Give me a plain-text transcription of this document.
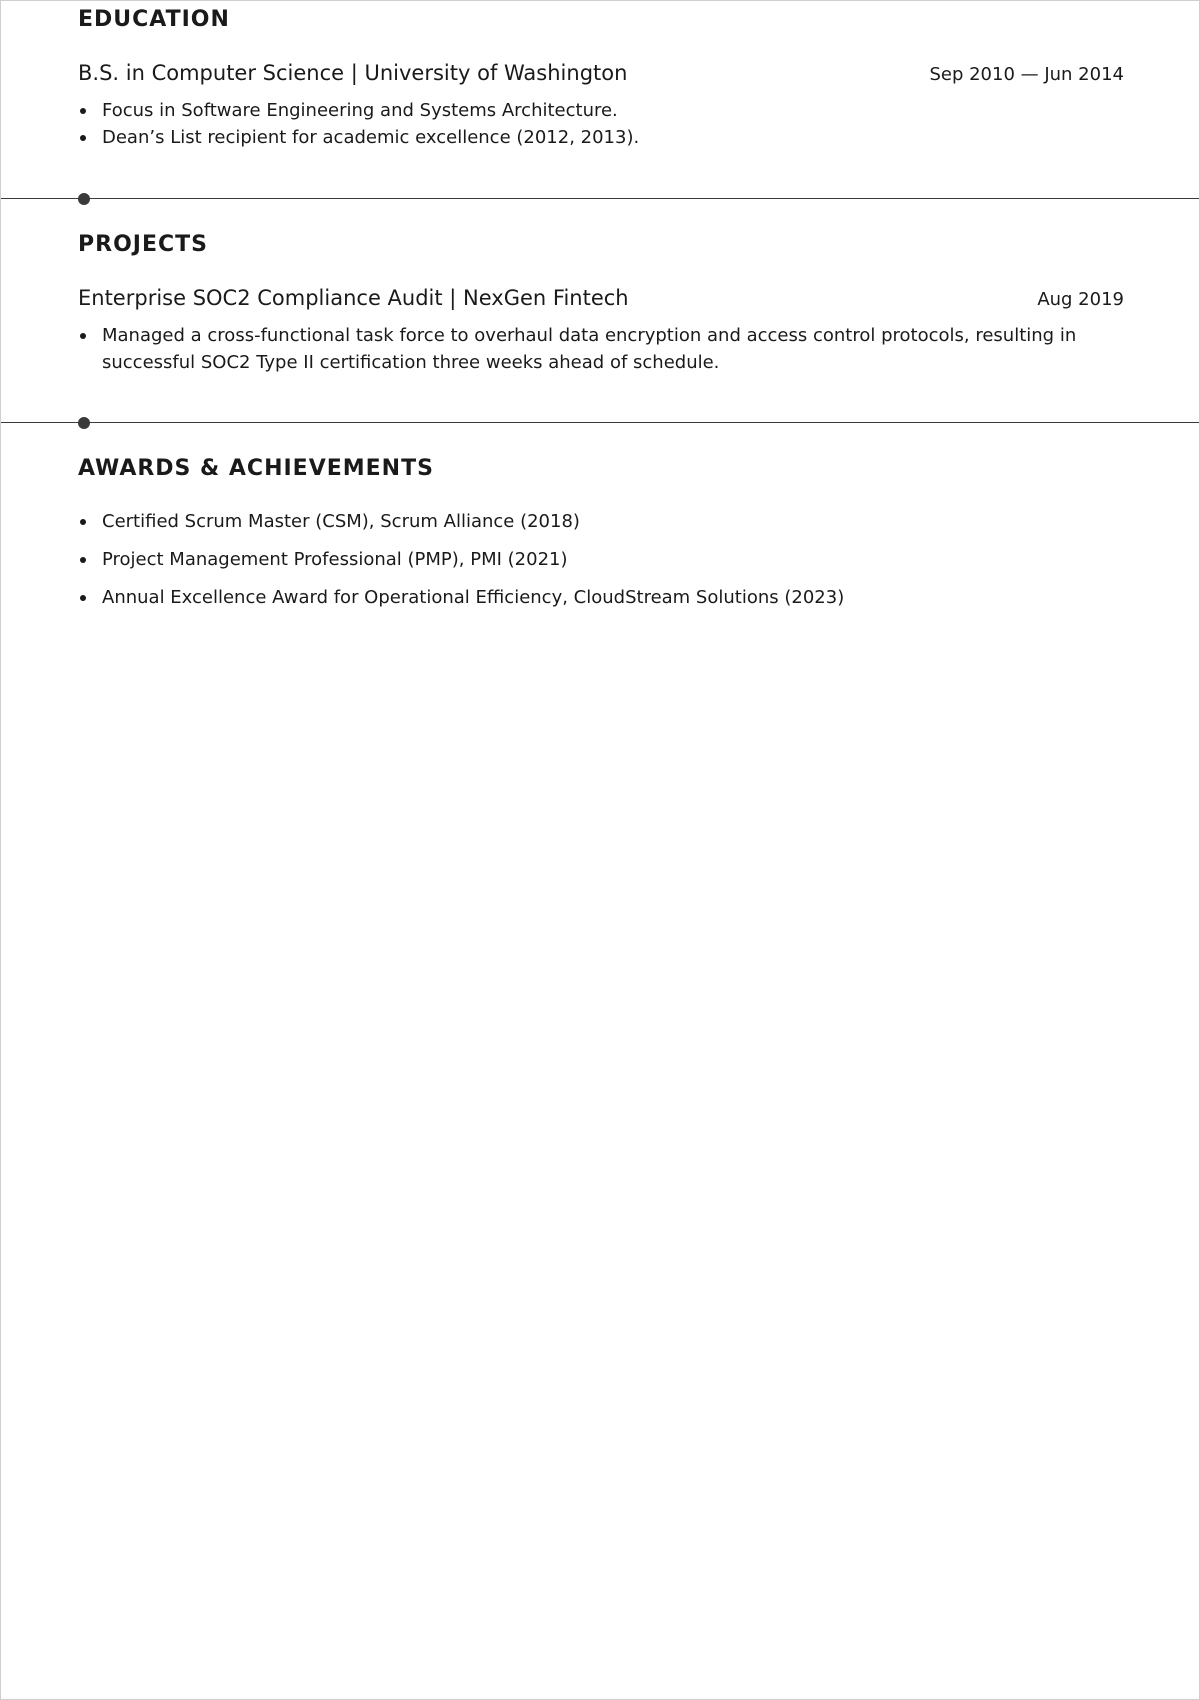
EDUCATION
B.S. in Computer Science | University of Washington	Sep 2010 — Jun 2014
Focus in Software Engineering and Systems Architecture.
Dean’s List recipient for academic excellence (2012, 2013).
PROJECTS
Enterprise SOC2 Compliance Audit | NexGen Fintech	Aug 2019
Managed a cross-functional task force to overhaul data encryption and access control protocols, resulting in successful SOC2 Type II certification three weeks ahead of schedule.
AWARDS & ACHIEVEMENTS
Certified Scrum Master (CSM), Scrum Alliance (2018)
Project Management Professional (PMP), PMI (2021)
Annual Excellence Award for Operational Efficiency, CloudStream Solutions (2023)
